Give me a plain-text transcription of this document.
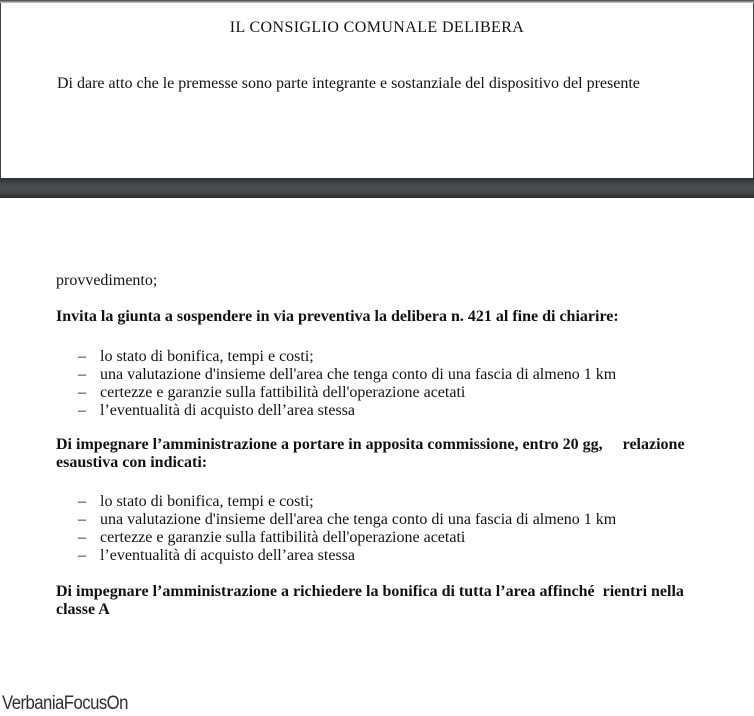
IL CONSIGLIO COMUNALE DELIBERA

Di dare atto che le premesse sono parte integrante e sostanziale del dispositivo del presente

provvedimento;

Invita la giunta a sospendere in via preventiva la delibera n. 421 al fine di chiarire:

– lo stato di bonifica, tempi e costi;
– una valutazione d'insieme dell'area che tenga conto di una fascia di almeno 1 km
– certezze e garanzie sulla fattibilità dell'operazione acetati
– l’eventualità di acquisto dell’area stessa

Di impegnare l’amministrazione a portare in apposita commissione, entro 20 gg,     relazione
esaustiva con indicati:

– lo stato di bonifica, tempi e costi;
– una valutazione d'insieme dell'area che tenga conto di una fascia di almeno 1 km
– certezze e garanzie sulla fattibilità dell'operazione acetati
– l’eventualità di acquisto dell’area stessa

Di impegnare l’amministrazione a richiedere la bonifica di tutta l’area affinché  rientri nella
classe A

VerbaniaFocusOn
